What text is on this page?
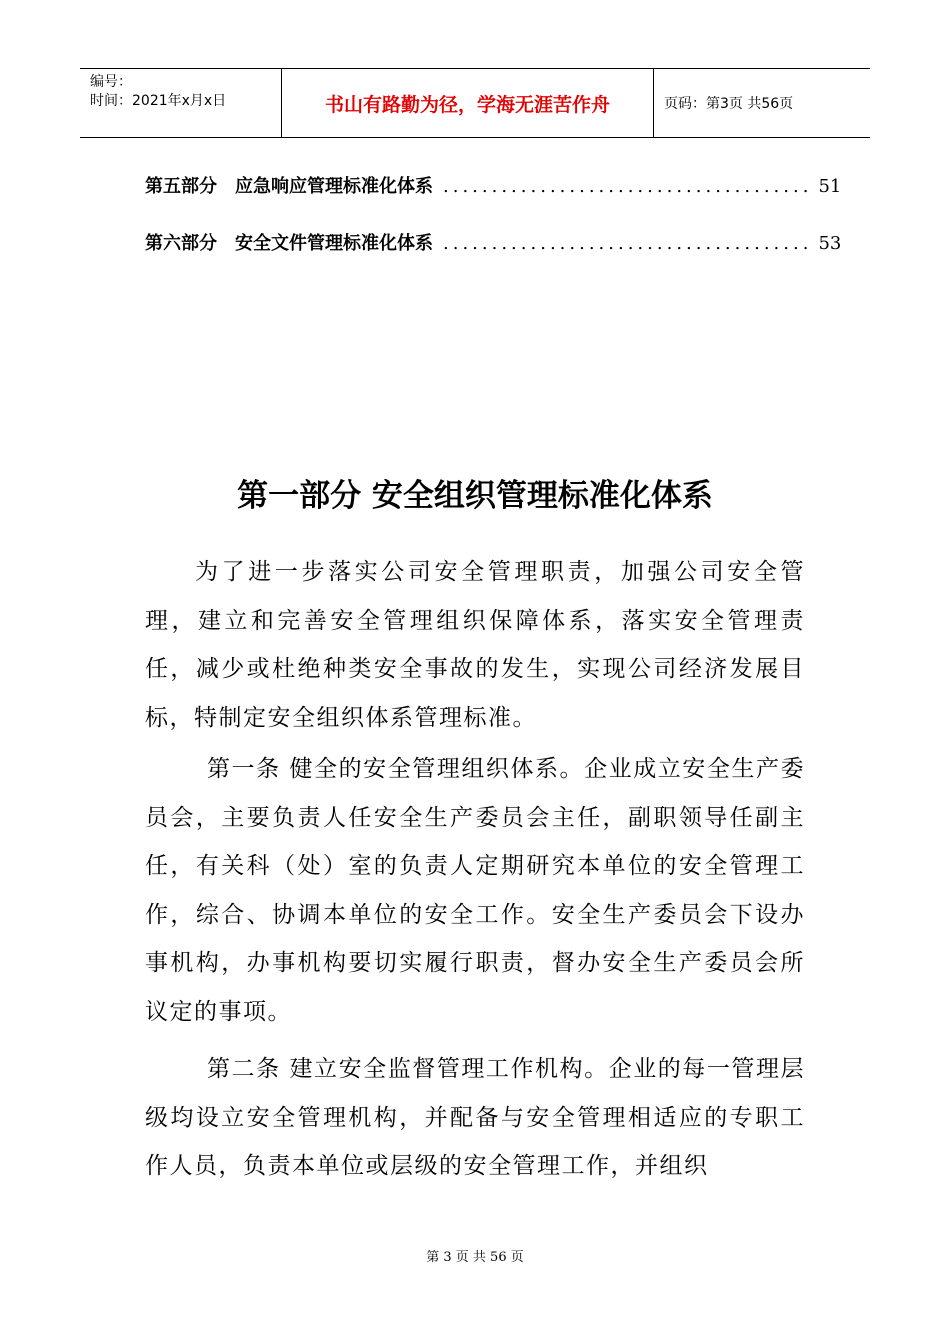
编号：
时间：2021年x月x日	书山有路勤为径，学海无涯苦作舟	页码：第3页 共56页
第五部分　应急响应管理标准化体系 ...................................... 51
第六部分　安全文件管理标准化体系 ...................................... 53
第一部分 安全组织管理标准化体系

为了进一步落实公司安全管理职责，加强公司安全管理，建立和完善安全管理组织保障体系，落实安全管理责任，减少或杜绝种类安全事故的发生，实现公司经济发展目标，特制定安全组织体系管理标准。

第一条 健全的安全管理组织体系。企业成立安全生产委员会，主要负责人任安全生产委员会主任，副职领导任副主任，有关科（处）室的负责人定期研究本单位的安全管理工作，综合、协调本单位的安全工作。安全生产委员会下设办事机构，办事机构要切实履行职责，督办安全生产委员会所议定的事项。

第二条 建立安全监督管理工作机构。企业的每一管理层级均设立安全管理机构，并配备与安全管理相适应的专职工作人员，负责本单位或层级的安全管理工作，并组织

第 3 页 共 56 页
